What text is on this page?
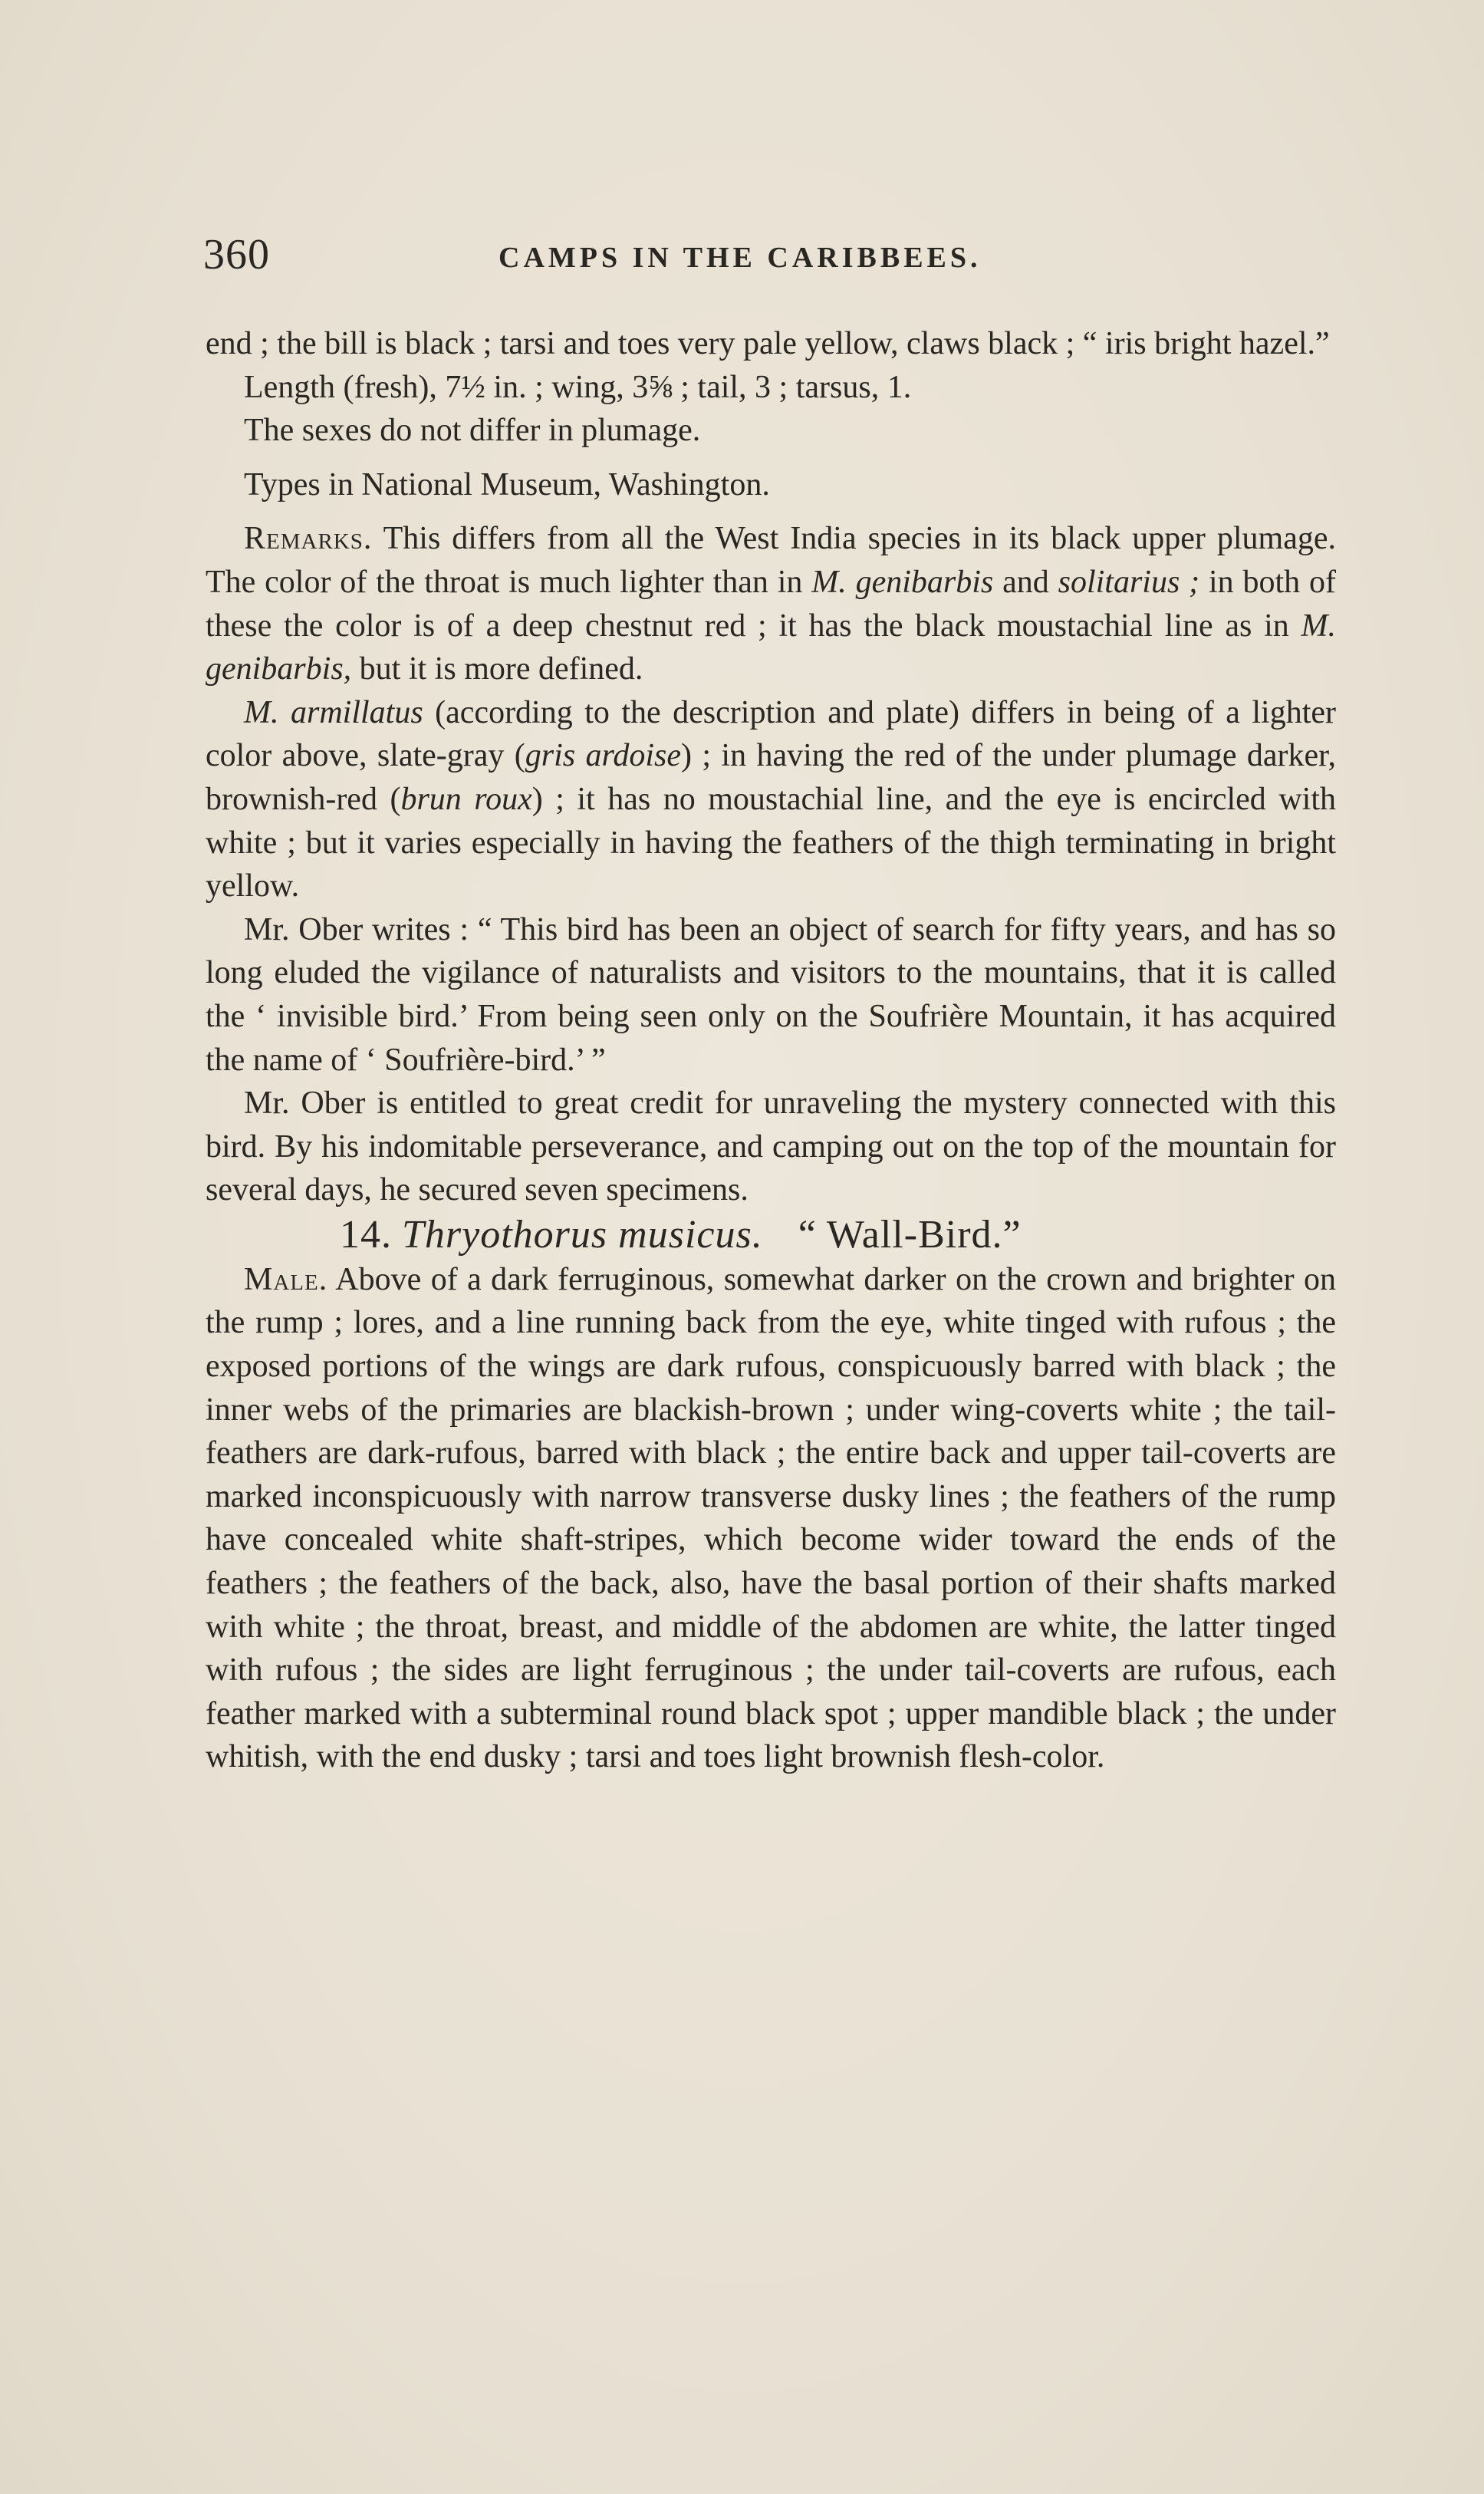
360	CAMPS IN THE CARIBBEES.

end ; the bill is black ; tarsi and toes very pale yellow, claws black ; “ iris bright hazel.”

Length (fresh), 7½ in. ; wing, 3⅝ ; tail, 3 ; tarsus, 1.

The sexes do not differ in plumage.

Types in National Museum, Washington.

Remarks. This differs from all the West India species in its black upper plumage. The color of the throat is much lighter than in M. genibarbis and solitarius ; in both of these the color is of a deep chestnut red ; it has the black moustachial line as in M. genibarbis, but it is more defined.

M. armillatus (according to the description and plate) differs in being of a lighter color above, slate-gray (gris ardoise) ; in having the red of the under plumage darker, brownish-red (brun roux) ; it has no moustachial line, and the eye is encircled with white ; but it varies especially in having the feathers of the thigh terminating in bright yellow.

Mr. Ober writes : “ This bird has been an object of search for fifty years, and has so long eluded the vigilance of naturalists and visitors to the mountains, that it is called the ‘ invisible bird.’ From being seen only on the Soufrière Mountain, it has acquired the name of ‘ Soufrière-bird.’ ”

Mr. Ober is entitled to great credit for unraveling the mystery connected with this bird. By his indomitable perseverance, and camping out on the top of the mountain for several days, he secured seven specimens.

14. Thryothorus musicus. “ Wall-Bird.”

Male. Above of a dark ferruginous, somewhat darker on the crown and brighter on the rump ; lores, and a line running back from the eye, white tinged with rufous ; the exposed portions of the wings are dark rufous, conspicuously barred with black ; the inner webs of the primaries are blackish-brown ; under wing-coverts white ; the tail-feathers are dark-rufous, barred with black ; the entire back and upper tail-coverts are marked inconspicuously with narrow transverse dusky lines ; the feathers of the rump have concealed white shaft-stripes, which become wider toward the ends of the feathers ; the feathers of the back, also, have the basal portion of their shafts marked with white ; the throat, breast, and middle of the abdomen are white, the latter tinged with rufous ; the sides are light ferruginous ; the under tail-coverts are rufous, each feather marked with a subterminal round black spot ; upper mandible black ; the under whitish, with the end dusky ; tarsi and toes light brownish flesh-color.
